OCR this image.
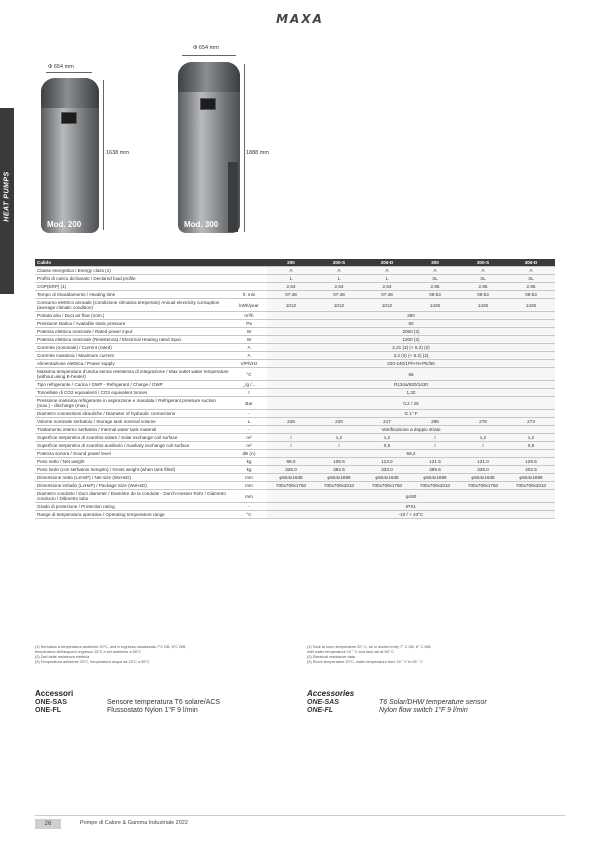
MAXA
HEAT PUMPS
Φ 654 mm
Mod. 200
1638 mm
Φ 654 mm
Mod. 300
1888 mm
Calido		200	200-S	200-D	300	300-S	300-D
Classe energetica / Energy class (1)		A	A	A	A	A	A
Profilo di carico dichiarato / Declared load profile		L	L	L	XL	XL	XL
COP(ERP) (1)		2.64	2.64	2.64	2.85	2.85	2.85
Tempo di riscaldamento / Heating time	h: min	07:48	07:48	07:48	09:53	09:53	09:53
Consumo elettrico annuale (Condizione climatica temperato) Annual electricity consuption (average climatic condition)	kWh/year	1012	1012	1012	1426	1426	1426
Portata aria / Duct air flow (nom.)	m³/h	350					
Pressione statica / Available static pressure	Pa	60					
Potenza elettrica nominale / Rated power input	W	2060 (2)					
Potenza elettrica nominale (Resistenza) / Electrical Heating rated input	W	1200 (2)					
Corrente (nominale) / Current (rated)	A	2,21 (3) (+ 5.2) (2)					
Corrente massima / Maximum current	A	3,2 (3) (+ 5.2) (2)					
Alimentazione elettrica / Power supply	V/Ph/Hz	220-240/1Ph+N+PE/50					
Massima temperatura d'uscita senza resistenza di integrazione / Max outlet water temperature (without using E-heater)	°C	65					
Tipo refrigerante / Carica / GWP - Refrigerant / Charge / GWP	_/g /...	R134a/920/1430					
Tonnellate di CO2 equivalenti / CO2 equivalent tonnes	t	1,32					
Pressione massima refrigerante in aspirazione e mandata / Refrigerant pressure suction (max.) - discharge (max.)	Bar	0,2 / 25					
Diametro connessioni idrauliche / Diameter of hydraulic connections	-	G 1" F					
Volume nominale serbatoio / Storage tank nominal volume	L	228	220	217	286	278	273
Trattamento interno serbatoio / Internal water tank material	-	Vetrificazione a doppio strato					
Superficie serpentino di scambio solare / Solar exchange coil surface	m²	/	1,2	1,2	/	1,2	1,2
Superficie serpentino di scambio ausiliario / Auxiliary exchange coil surface	m²	/	/	0,5	/	/	0,8
Potenza sonora / Sound power level	dB (A)	58,2					
Peso netto / Net weight	kg	98.0	106.5	113.0	121.5	121.0	129.5
Peso lordo (con serbatoio riempito) / Gross weight (when tank filled)	kg	326.0	392.5	333.0	399.5	338.0	402.5
Dimensione netta (LxHxP) / Net size (WxHxD)	mm	φ654x1638	φ654x1888	φ654x1638	φ654x1888	φ654x1638	φ654x1888
Dimensione imballo (LxHxP) / Package Size (WxHxD)	mm	700x700x1760	700x700x2010	700x700x1760	700x700x2010	700x700x1760	700x700x2010
Diametro condotto / Duct diameter / Diamètre de la conduite - Durch-messer Rohr / Diámetro conducto / Diâmetro tubo	mm	φ160					
Grado di protezione / Protection rating	-	IPX1					
Range di temperatura operativa / Operating temperature range	°C	-10 / + 43°C					
(1) Serbatoio a temperatura ambiente 20°C, aria in ingresso canalizzata 7°C DB, 6°C WB,
temperatura dell'acqua in ingresso 10°C e set ambiente a 55°C
(2) Dati della resistenza elettrica
(3) Temperatura ambiente 20°C, temperatura acqua da 15°C a 55°C
(1) Tank at room temperature 20° C, air in ducted entry 7° C DB, 6° C WB,
inlet water temperature 10 ° C and tank set at 55° C
(2) Electrical resistance data
(3) Room temperature 20°C, water temperature from 15 ° C to 55 ° C
Accessori
ONE-SAS	Sensore temperatura T6 solare/ACS
ONE-FL	Flussostato Nylon 1"F 9 l/min
Accessories
ONE-SAS	T6 Solar/DHW temperature sensor
ONE-FL	Nylon flow switch 1"F 9 l/min
26	Pompe di Calore & Gamma Industriale 2022
